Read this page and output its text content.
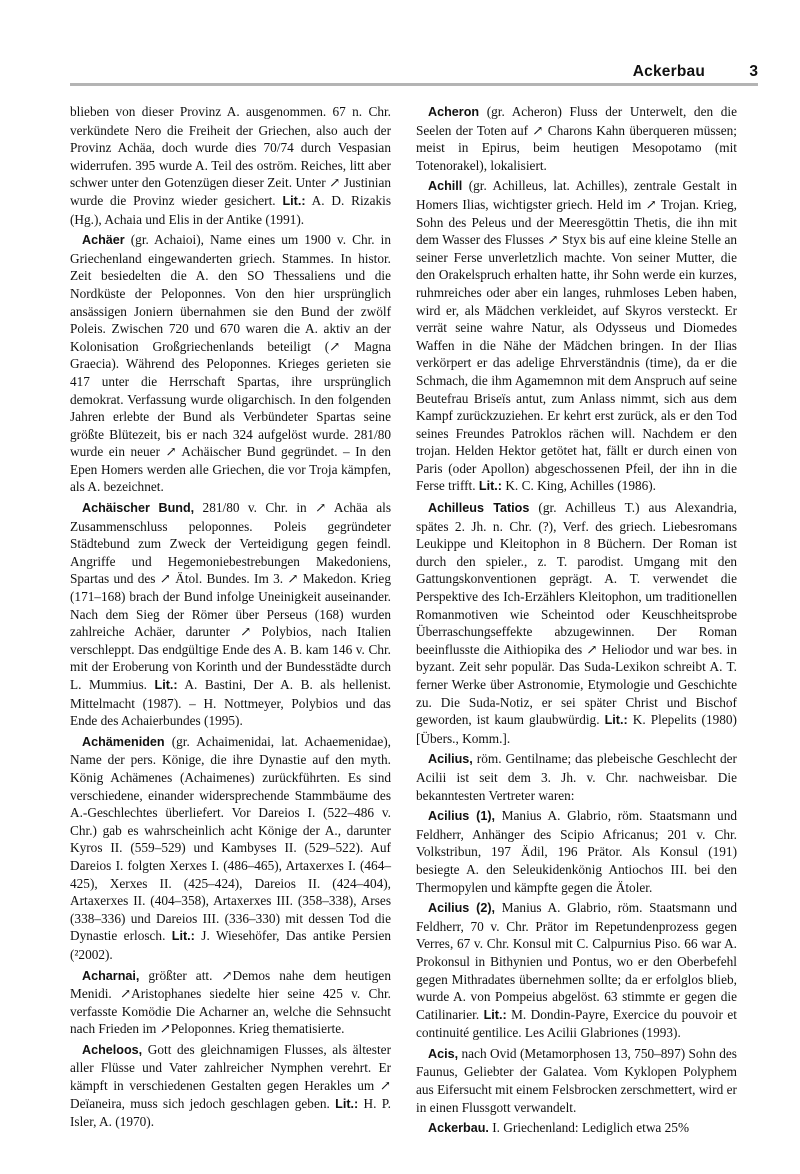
Ackerbau	3

blieben von dieser Provinz A. ausgenommen. 67 n. Chr. verkündete Nero die Freiheit der Griechen, also auch der Provinz Achäa, doch wurde dies 70/74 durch Vespasian widerrufen. 395 wurde A. Teil des oström. Reiches, litt aber schwer unter den Gotenzügen dieser Zeit. Unter ↗ Justinian wurde die Provinz wieder gesichert. Lit.: A. D. Rizakis (Hg.), Achaia und Elis in der Antike (1991).

Achäer (gr. Achaioi), Name eines um 1900 v. Chr. in Griechenland eingewanderten griech. Stammes. In histor. Zeit besiedelten die A. den SO Thessaliens und die Nordküste der Peloponnes. Von den hier ursprünglich ansässigen Joniern übernahmen sie den Bund der zwölf Poleis. Zwischen 720 und 670 waren die A. aktiv an der Kolonisation Großgriechenlands beteiligt (↗ Magna Graecia). Während des Peloponnes. Krieges gerieten sie 417 unter die Herrschaft Spartas, ihre ursprünglich demokrat. Verfassung wurde oligarchisch. In den folgenden Jahren erlebte der Bund als Verbündeter Spartas seine größte Blütezeit, bis er nach 324 aufgelöst wurde. 281/80 wurde ein neuer ↗ Achäischer Bund gegründet. – In den Epen Homers werden alle Griechen, die vor Troja kämpfen, als A. bezeichnet.

Achäischer Bund, 281/80 v. Chr. in ↗ Achäa als Zusammenschluss peloponnes. Poleis gegründeter Städtebund zum Zweck der Verteidigung gegen feindl. Angriffe und Hegemoniebestrebungen Makedoniens, Spartas und des ↗ Ätol. Bundes. Im 3. ↗ Makedon. Krieg (171–168) brach der Bund infolge Uneinigkeit auseinander. Nach dem Sieg der Römer über Perseus (168) wurden zahlreiche Achäer, darunter ↗ Polybios, nach Italien verschleppt. Das endgültige Ende des A. B. kam 146 v. Chr. mit der Eroberung von Korinth und der Bundesstädte durch L. Mummius. Lit.: A. Bastini, Der A. B. als hellenist. Mittelmacht (1987). – H. Nottmeyer, Polybios und das Ende des Achaierbundes (1995).

Achämeniden (gr. Achaimenidai, lat. Achaemenidae), Name der pers. Könige, die ihre Dynastie auf den myth. König Achämenes (Achaimenes) zurückführten. Es sind verschiedene, einander widersprechende Stammbäume des A.-Geschlechtes überliefert. Vor Dareios I. (522–486 v. Chr.) gab es wahrscheinlich acht Könige der A., darunter Kyros II. (559–529) und Kambyses II. (529–522). Auf Dareios I. folgten Xerxes I. (486–465), Artaxerxes I. (464–425), Xerxes II. (425–424), Dareios II. (424–404), Artaxerxes II. (404–358), Artaxerxes III. (358–338), Arses (338–336) und Dareios III. (336–330) mit dessen Tod die Dynastie erlosch. Lit.: J. Wiesehöfer, Das antike Persien (²2002).

Acharnai, größter att. ↗Demos nahe dem heutigen Menidi. ↗Aristophanes siedelte hier seine 425 v. Chr. verfasste Komödie Die Acharner an, welche die Sehnsucht nach Frieden im ↗Peloponnes. Krieg thematisierte.

Acheloos, Gott des gleichnamigen Flusses, als ältester aller Flüsse und Vater zahlreicher Nymphen verehrt. Er kämpft in verschiedenen Gestalten gegen Herakles um ↗ Deïaneira, muss sich jedoch geschlagen geben. Lit.: H. P. Isler, A. (1970).

Acheron (gr. Acheron) Fluss der Unterwelt, den die Seelen der Toten auf ↗ Charons Kahn überqueren müssen; meist in Epirus, beim heutigen Mesopotamo (mit Totenorakel), lokalisiert.

Achill (gr. Achilleus, lat. Achilles), zentrale Gestalt in Homers Ilias, wichtigster griech. Held im ↗ Trojan. Krieg, Sohn des Peleus und der Meeresgöttin Thetis, die ihn mit dem Wasser des Flusses ↗ Styx bis auf eine kleine Stelle an seiner Ferse unverletzlich machte. Von seiner Mutter, die den Orakelspruch erhalten hatte, ihr Sohn werde ein kurzes, ruhmreiches oder aber ein langes, ruhmloses Leben haben, wird er, als Mädchen verkleidet, auf Skyros versteckt. Er verrät seine wahre Natur, als Odysseus und Diomedes Waffen in die Nähe der Mädchen bringen. In der Ilias verkörpert er das adelige Ehrverständnis (time), da er die Schmach, die ihm Agamemnon mit dem Anspruch auf seine Beutefrau Briseïs antut, zum Anlass nimmt, sich aus dem Kampf zurückzuziehen. Er kehrt erst zurück, als er den Tod seines Freundes Patroklos rächen will. Nachdem er den trojan. Helden Hektor getötet hat, fällt er durch einen von Paris (oder Apollon) abgeschossenen Pfeil, der ihn in die Ferse trifft. Lit.: K. C. King, Achilles (1986).

Achilleus Tatios (gr. Achilleus T.) aus Alexandria, spätes 2. Jh. n. Chr. (?), Verf. des griech. Liebesromans Leukippe und Kleitophon in 8 Büchern. Der Roman ist durch den spieler., z. T. parodist. Umgang mit den Gattungskonventionen geprägt. A. T. verwendet die Perspektive des Ich-Erzählers Kleitophon, um traditionellen Romanmotiven wie Scheintod oder Keuschheitsprobe Überraschungseffekte abzugewinnen. Der Roman beeinflusste die Aithiopika des ↗ Heliodor und war bes. in byzant. Zeit sehr populär. Das Suda-Lexikon schreibt A. T. ferner Werke über Astronomie, Etymologie und Geschichte zu. Die Suda-Notiz, er sei später Christ und Bischof geworden, ist kaum glaubwürdig. Lit.: K. Plepelits (1980) [Übers., Komm.].

Acilius, röm. Gentilname; das plebeische Geschlecht der Acilii ist seit dem 3. Jh. v. Chr. nachweisbar. Die bekanntesten Vertreter waren:

Acilius (1), Manius A. Glabrio, röm. Staatsmann und Feldherr, Anhänger des Scipio Africanus; 201 v. Chr. Volkstribun, 197 Ädil, 196 Prätor. Als Konsul (191) besiegte A. den Seleukidenkönig Antiochos III. bei den Thermopylen und kämpfte gegen die Ätoler.

Acilius (2), Manius A. Glabrio, röm. Staatsmann und Feldherr, 70 v. Chr. Prätor im Repetundenprozess gegen Verres, 67 v. Chr. Konsul mit C. Calpurnius Piso. 66 war A. Prokonsul in Bithynien und Pontus, wo er den Oberbefehl gegen Mithradates übernehmen sollte; da er erfolglos blieb, wurde A. von Pompeius abgelöst. 63 stimmte er gegen die Catilinarier. Lit.: M. Dondin-Payre, Exercice du pouvoir et continuité gentilice. Les Acilii Glabriones (1993).

Acis, nach Ovid (Metamorphosen 13, 750–897) Sohn des Faunus, Geliebter der Galatea. Vom Kyklopen Polyphem aus Eifersucht mit einem Felsbrocken zerschmettert, wird er in einen Flussgott verwandelt.

Ackerbau. I. Griechenland: Lediglich etwa 25%
